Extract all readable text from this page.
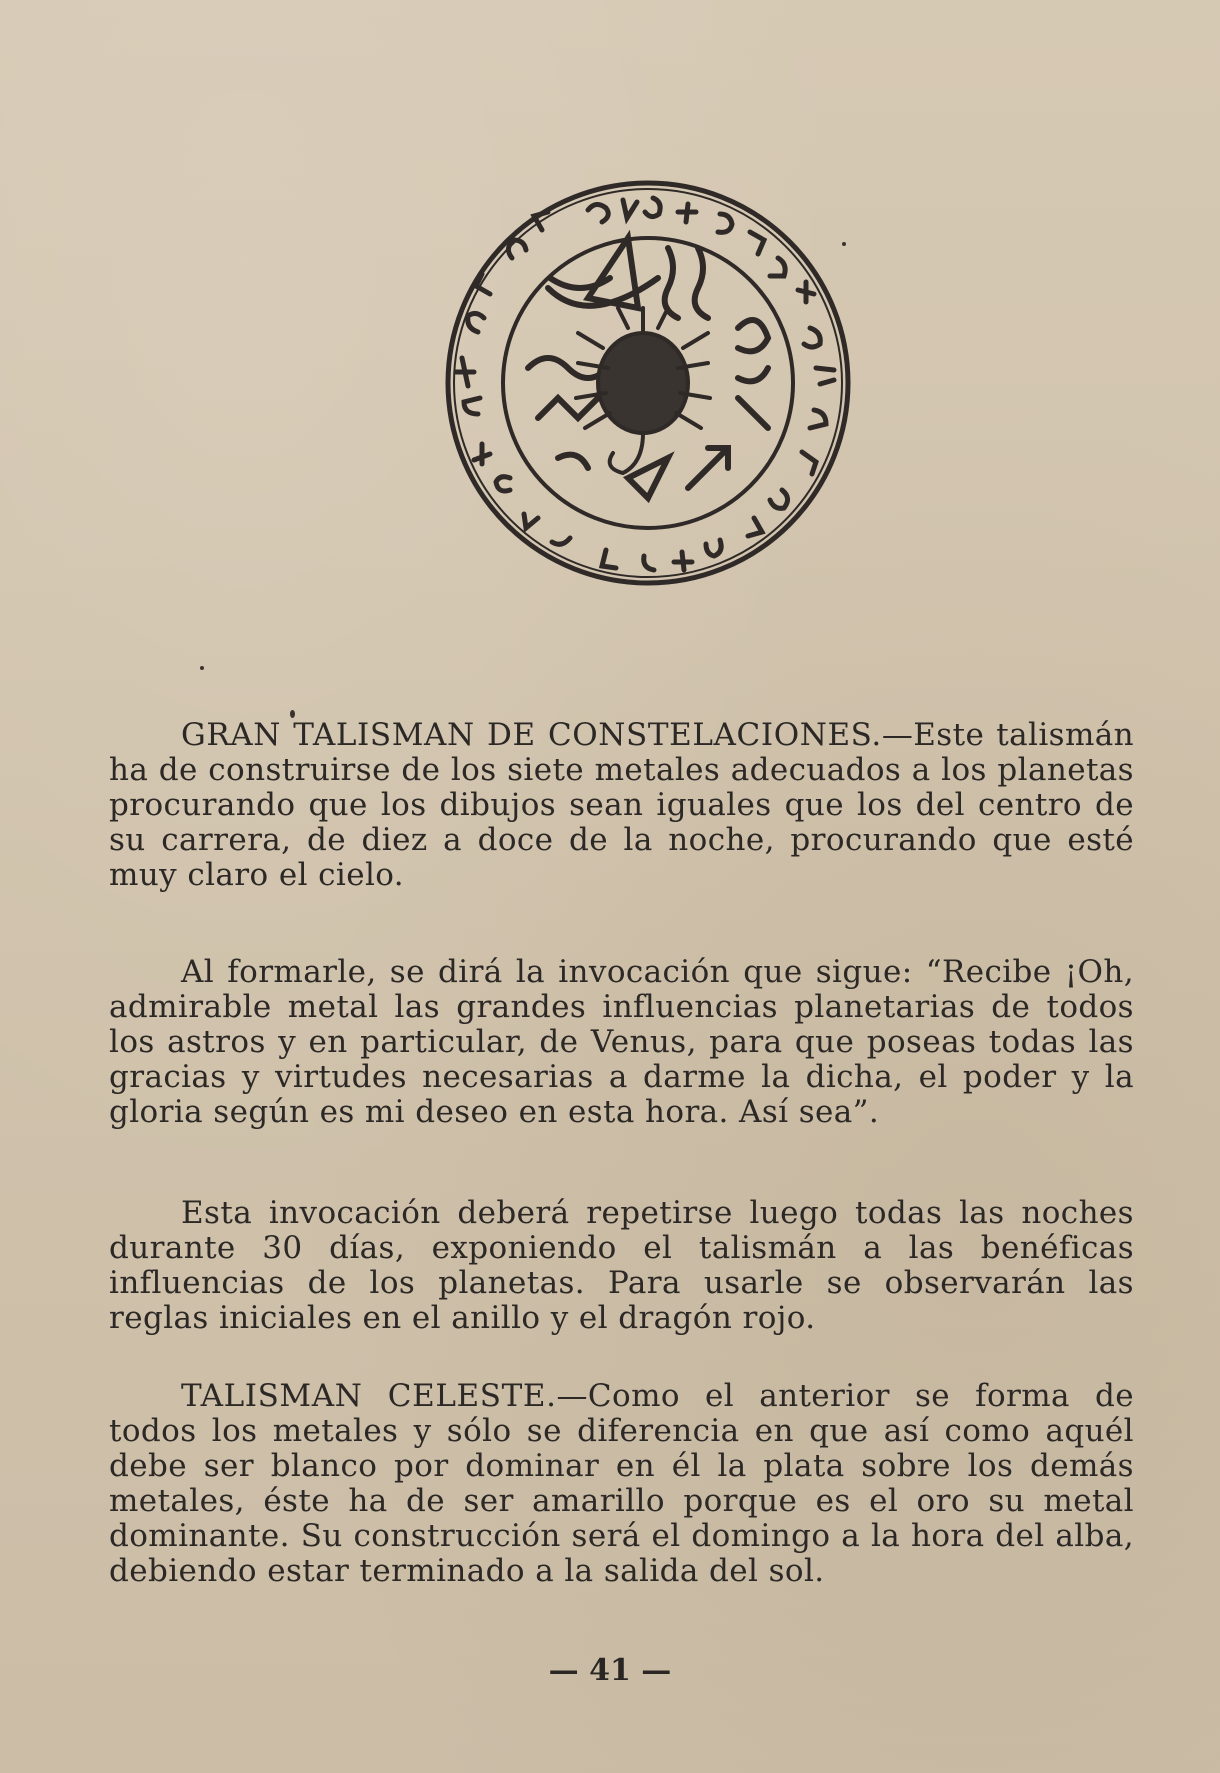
GRAN TALISMAN DE CONSTELACIONES.—Este talismán ha de construirse de los siete metales adecuados a los planetas procurando que los dibujos sean iguales que los del centro de su carrera, de diez a doce de la noche, procurando que esté muy claro el cielo.

Al formarle, se dirá la invocación que sigue: “Recibe ¡Oh, admirable metal las grandes influencias planetarias de todos los astros y en particular, de Venus, para que poseas todas las gracias y virtudes necesarias a darme la dicha, el poder y la gloria según es mi deseo en esta hora. Así sea”.

Esta invocación deberá repetirse luego todas las noches durante 30 días, exponiendo el talismán a las benéficas influencias de los planetas. Para usarle se observarán las reglas iniciales en el anillo y el dragón rojo.

TALISMAN CELESTE.—Como el anterior se forma de todos los metales y sólo se diferencia en que así como aquél debe ser blanco por dominar en él la plata sobre los demás metales, éste ha de ser amarillo porque es el oro su metal dominante. Su construcción será el domingo a la hora del alba, debiendo estar terminado a la salida del sol.

— 41 —
